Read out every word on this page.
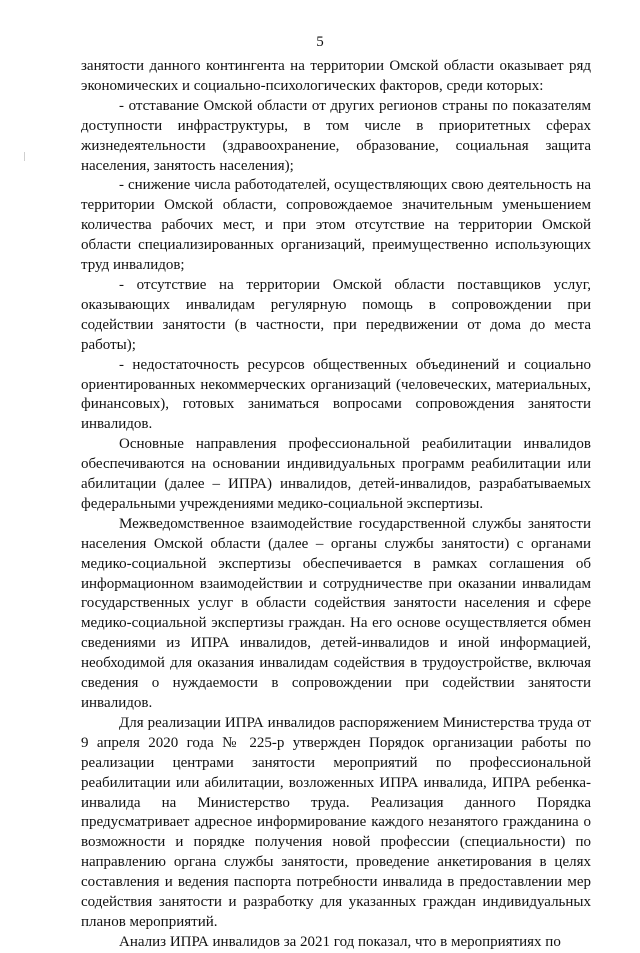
5

занятости данного контингента на территории Омской области оказывает ряд экономических и социально-психологических факторов, среди которых:

- отставание Омской области от других регионов страны по показателям доступности инфраструктуры, в том числе в приоритетных сферах жизнедеятельности (здравоохранение, образование, социальная защита населения, занятость населения);

- снижение числа работодателей, осуществляющих свою деятельность на территории Омской области, сопровождаемое значительным уменьшением количества рабочих мест, и при этом отсутствие на территории Омской области специализированных организаций, преимущественно использующих труд инвалидов;

- отсутствие на территории Омской области поставщиков услуг, оказывающих инвалидам регулярную помощь в сопровождении при содействии занятости (в частности, при передвижении от дома до места работы);

- недостаточность ресурсов общественных объединений и социально ориентированных некоммерческих организаций (человеческих, материальных, финансовых), готовых заниматься вопросами сопровождения занятости инвалидов.

Основные направления профессиональной реабилитации инвалидов обеспечиваются на основании индивидуальных программ реабилитации или абилитации (далее – ИПРА) инвалидов, детей-инвалидов, разрабатываемых федеральными учреждениями медико-социальной экспертизы.

Межведомственное взаимодействие государственной службы занятости населения Омской области (далее – органы службы занятости) с органами медико-социальной экспертизы обеспечивается в рамках соглашения об информационном взаимодействии и сотрудничестве при оказании инвалидам государственных услуг в области содействия занятости населения и сфере медико-социальной экспертизы граждан. На его основе осуществляется обмен сведениями из ИПРА инвалидов, детей-инвалидов и иной информацией, необходимой для оказания инвалидам содействия в трудоустройстве, включая сведения о нуждаемости в сопровождении при содействии занятости инвалидов.

Для реализации ИПРА инвалидов распоряжением Министерства труда от 9 апреля 2020 года № 225-р утвержден Порядок организации работы по реализации центрами занятости мероприятий по профессиональной реабилитации или абилитации, возложенных ИПРА инвалида, ИПРА ребенка-инвалида на Министерство труда. Реализация данного Порядка предусматривает адресное информирование каждого незанятого гражданина о возможности и порядке получения новой профессии (специальности) по направлению органа службы занятости, проведение анкетирования в целях составления и ведения паспорта потребности инвалида в предоставлении мер содействия занятости и разработку для указанных граждан индивидуальных планов мероприятий.

Анализ ИПРА инвалидов за 2021 год показал, что в мероприятиях по
